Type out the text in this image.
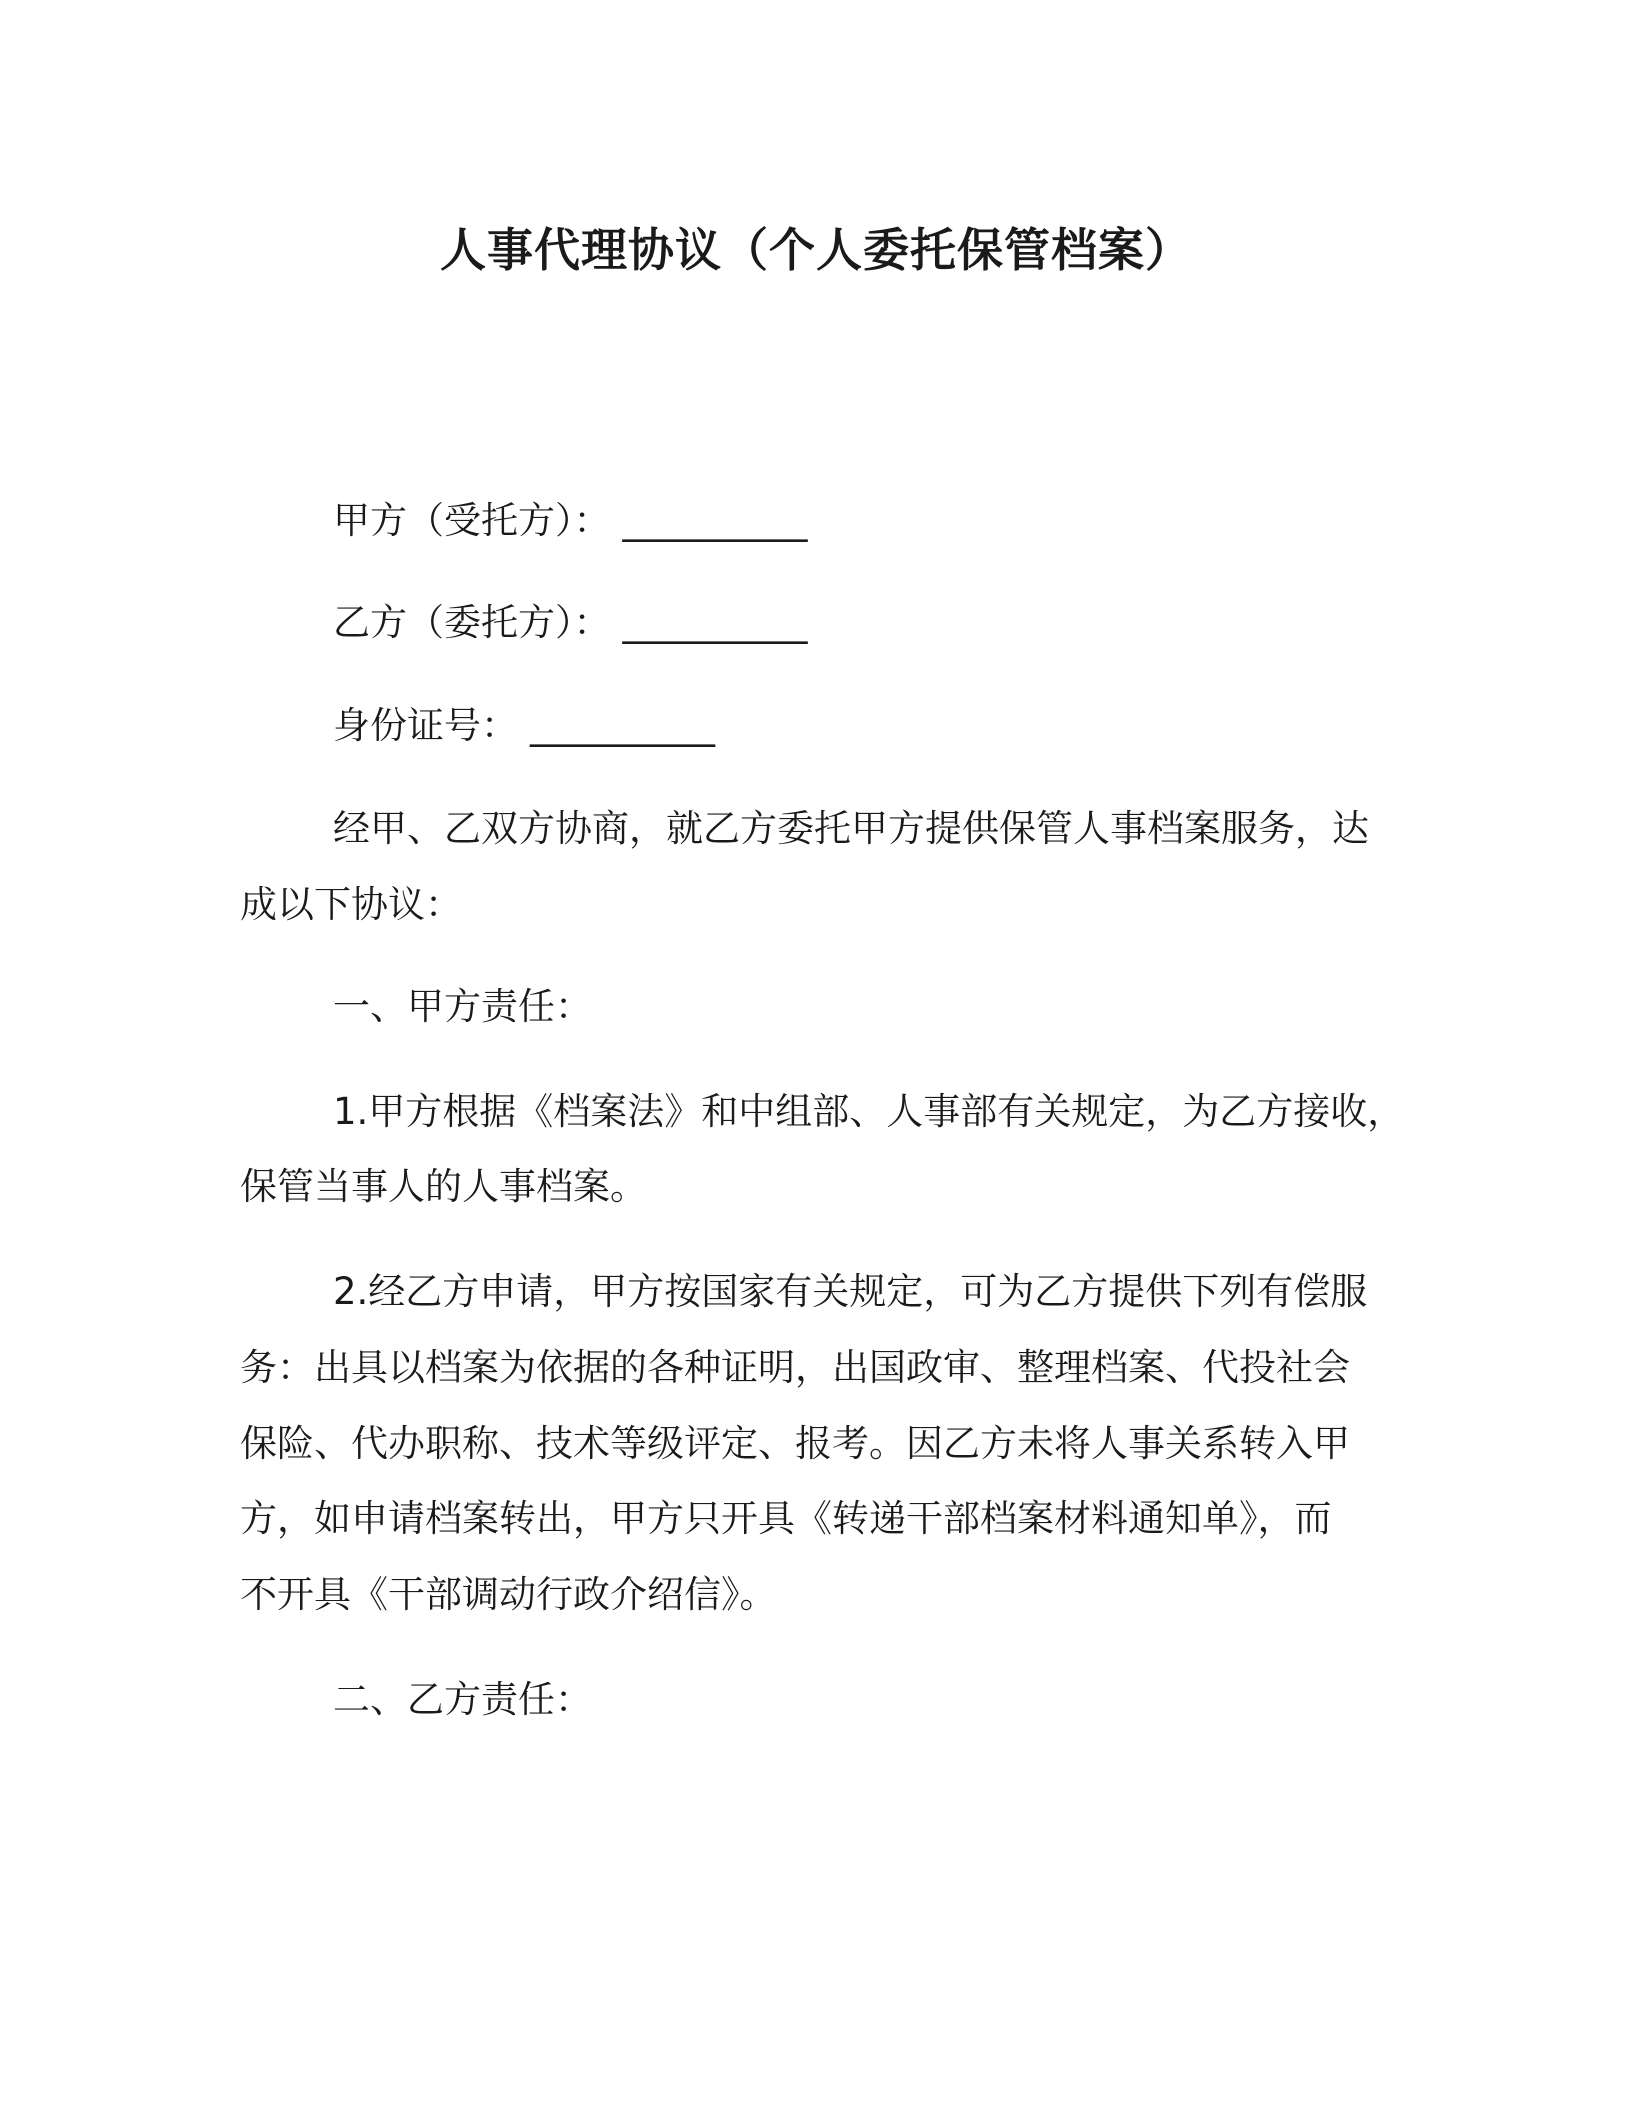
人事代理协议（个人委托保管档案）
甲方（受托方）： __________
乙方（委托方）： __________
身份证号： __________
经甲、乙双方协商，就乙方委托甲方提供保管人事档案服务，达
成以下协议：
一、甲方责任：
1.甲方根据《档案法》和中组部、人事部有关规定，为乙方接收，
保管当事人的人事档案。
2.经乙方申请，甲方按国家有关规定，可为乙方提供下列有偿服
务：出具以档案为依据的各种证明，出国政审、整理档案、代投社会
保险、代办职称、技术等级评定、报考。因乙方未将人事关系转入甲
方，如申请档案转出，甲方只开具《转递干部档案材料通知单》，而
不开具《干部调动行政介绍信》。
二、乙方责任：
